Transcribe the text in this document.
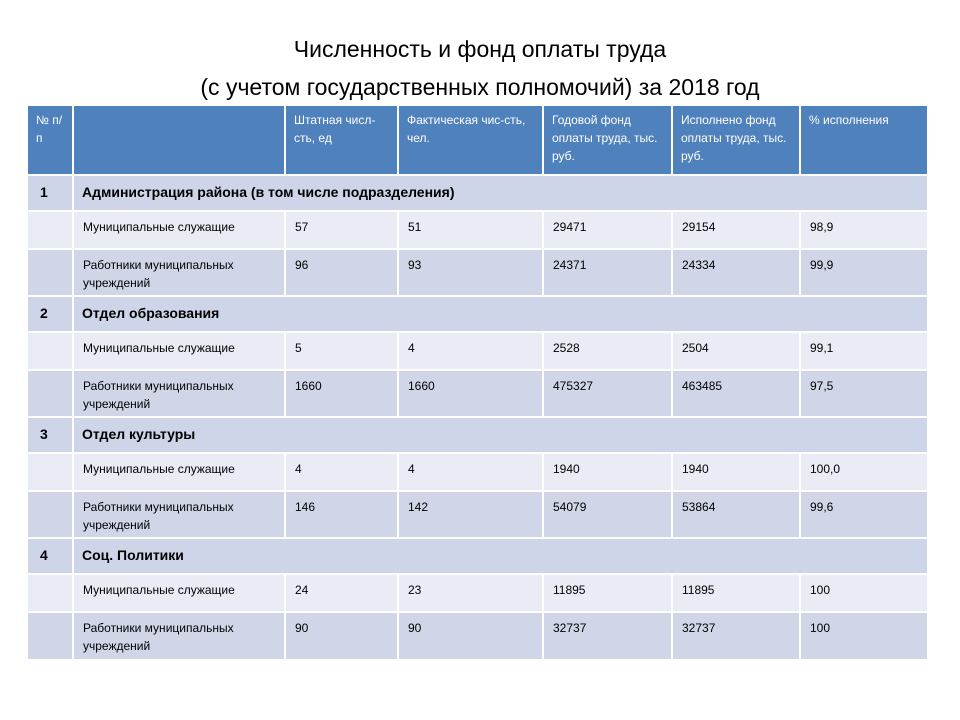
Численность и фонд оплаты труда
(с учетом государственных полномочий) за 2018 год
№ п/п		Штатная числ-сть, ед	Фактическая чис-сть, чел.	Годовой фонд оплаты труда, тыс. руб.	Исполнено фонд оплаты труда, тыс. руб.	% исполнения
1	Администрация района (в том числе подразделения)					
	Муниципальные служащие	57	51	29471	29154	98,9
	Работники муниципальных учреждений	96	93	24371	24334	99,9
2	Отдел образования					
	Муниципальные служащие	5	4	2528	2504	99,1
	Работники муниципальных учреждений	1660	1660	475327	463485	97,5
3	Отдел культуры					
	Муниципальные служащие	4	4	1940	1940	100,0
	Работники муниципальных учреждений	146	142	54079	53864	99,6
4	Соц. Политики					
	Муниципальные служащие	24	23	11895	11895	100
	Работники муниципальных учреждений	90	90	32737	32737	100
